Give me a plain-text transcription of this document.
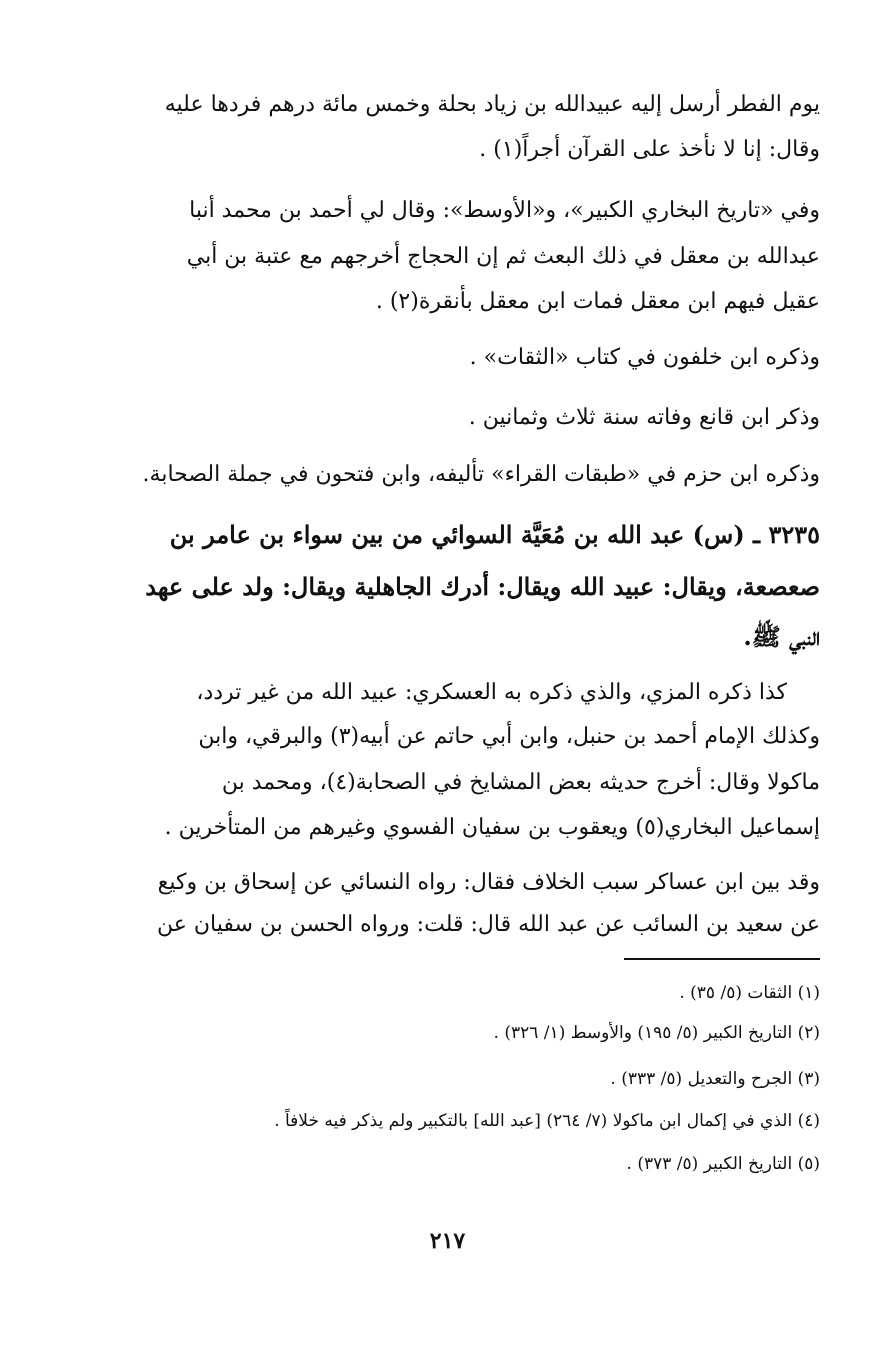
يوم الفطر أرسل إليه عبيدالله بن زياد بحلة وخمس مائة درهم فردها عليه
وقال: إنا لا نأخذ على القرآن أجراً(١) .
وفي «تاريخ البخاري الكبير»، و«الأوسط»: وقال لي أحمد بن محمد أنبا
عبدالله بن معقل في ذلك البعث ثم إن الحجاج أخرجهم مع عتبة بن أبي
عقيل فيهم ابن معقل فمات ابن معقل بأنقرة(٢) .
وذكره ابن خلفون في كتاب «الثقات» .
وذكر ابن قانع وفاته سنة ثلاث وثمانين .
وذكره ابن حزم في «طبقات القراء» تأليفه، وابن فتحون في جملة الصحابة.
٣٢٣٥ ـ (س) عبد الله بن مُعَيَّة السوائي من بين سواء بن عامر بن
صعصعة، ويقال: عبيد الله ويقال: أدرك الجاهلية ويقال: ولد على عهد
النبي ﷺ.
كذا ذكره المزي، والذي ذكره به العسكري: عبيد الله من غير تردد،
وكذلك الإمام أحمد بن حنبل، وابن أبي حاتم عن أبيه(٣) والبرقي، وابن
ماكولا وقال: أخرج حديثه بعض المشايخ في الصحابة(٤)، ومحمد بن
إسماعيل البخاري(٥) ويعقوب بن سفيان الفسوي وغيرهم من المتأخرين .
وقد بين ابن عساكر سبب الخلاف فقال: رواه النسائي عن إسحاق بن وكيع
عن سعيد بن السائب عن عبد الله قال: قلت: ورواه الحسن بن سفيان عن
(١) الثقات (٥/ ٣٥) .
(٢) التاريخ الكبير (٥/ ١٩٥) والأوسط (١/ ٣٢٦) .
(٣) الجرح والتعديل (٥/ ٣٣٣) .
(٤) الذي في إكمال ابن ماكولا (٧/ ٢٦٤) [عبد الله] بالتكبير ولم يذكر فيه خلافاً .
(٥) التاريخ الكبير (٥/ ٣٧٣) .
٢١٧
